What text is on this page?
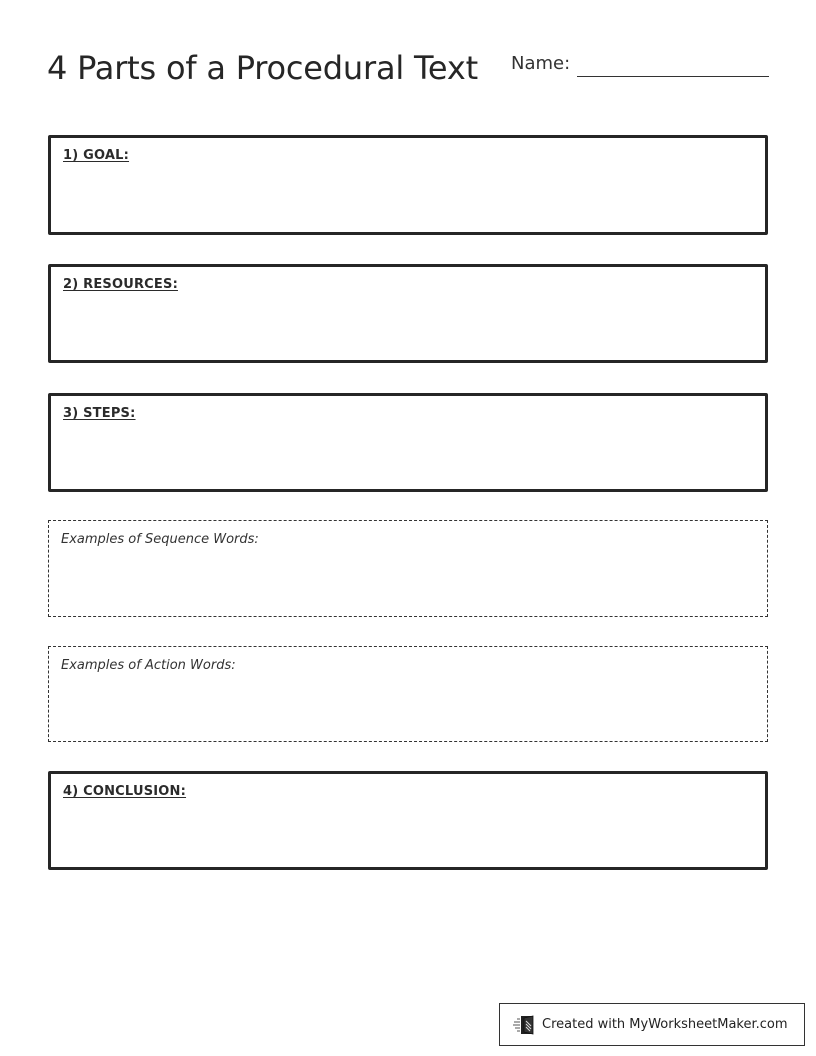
4 Parts of a Procedural Text Name:
1) GOAL:
2) RESOURCES:
3) STEPS:
Examples of Sequence Words:
Examples of Action Words:
4) CONCLUSION:
Created with MyWorksheetMaker.com
